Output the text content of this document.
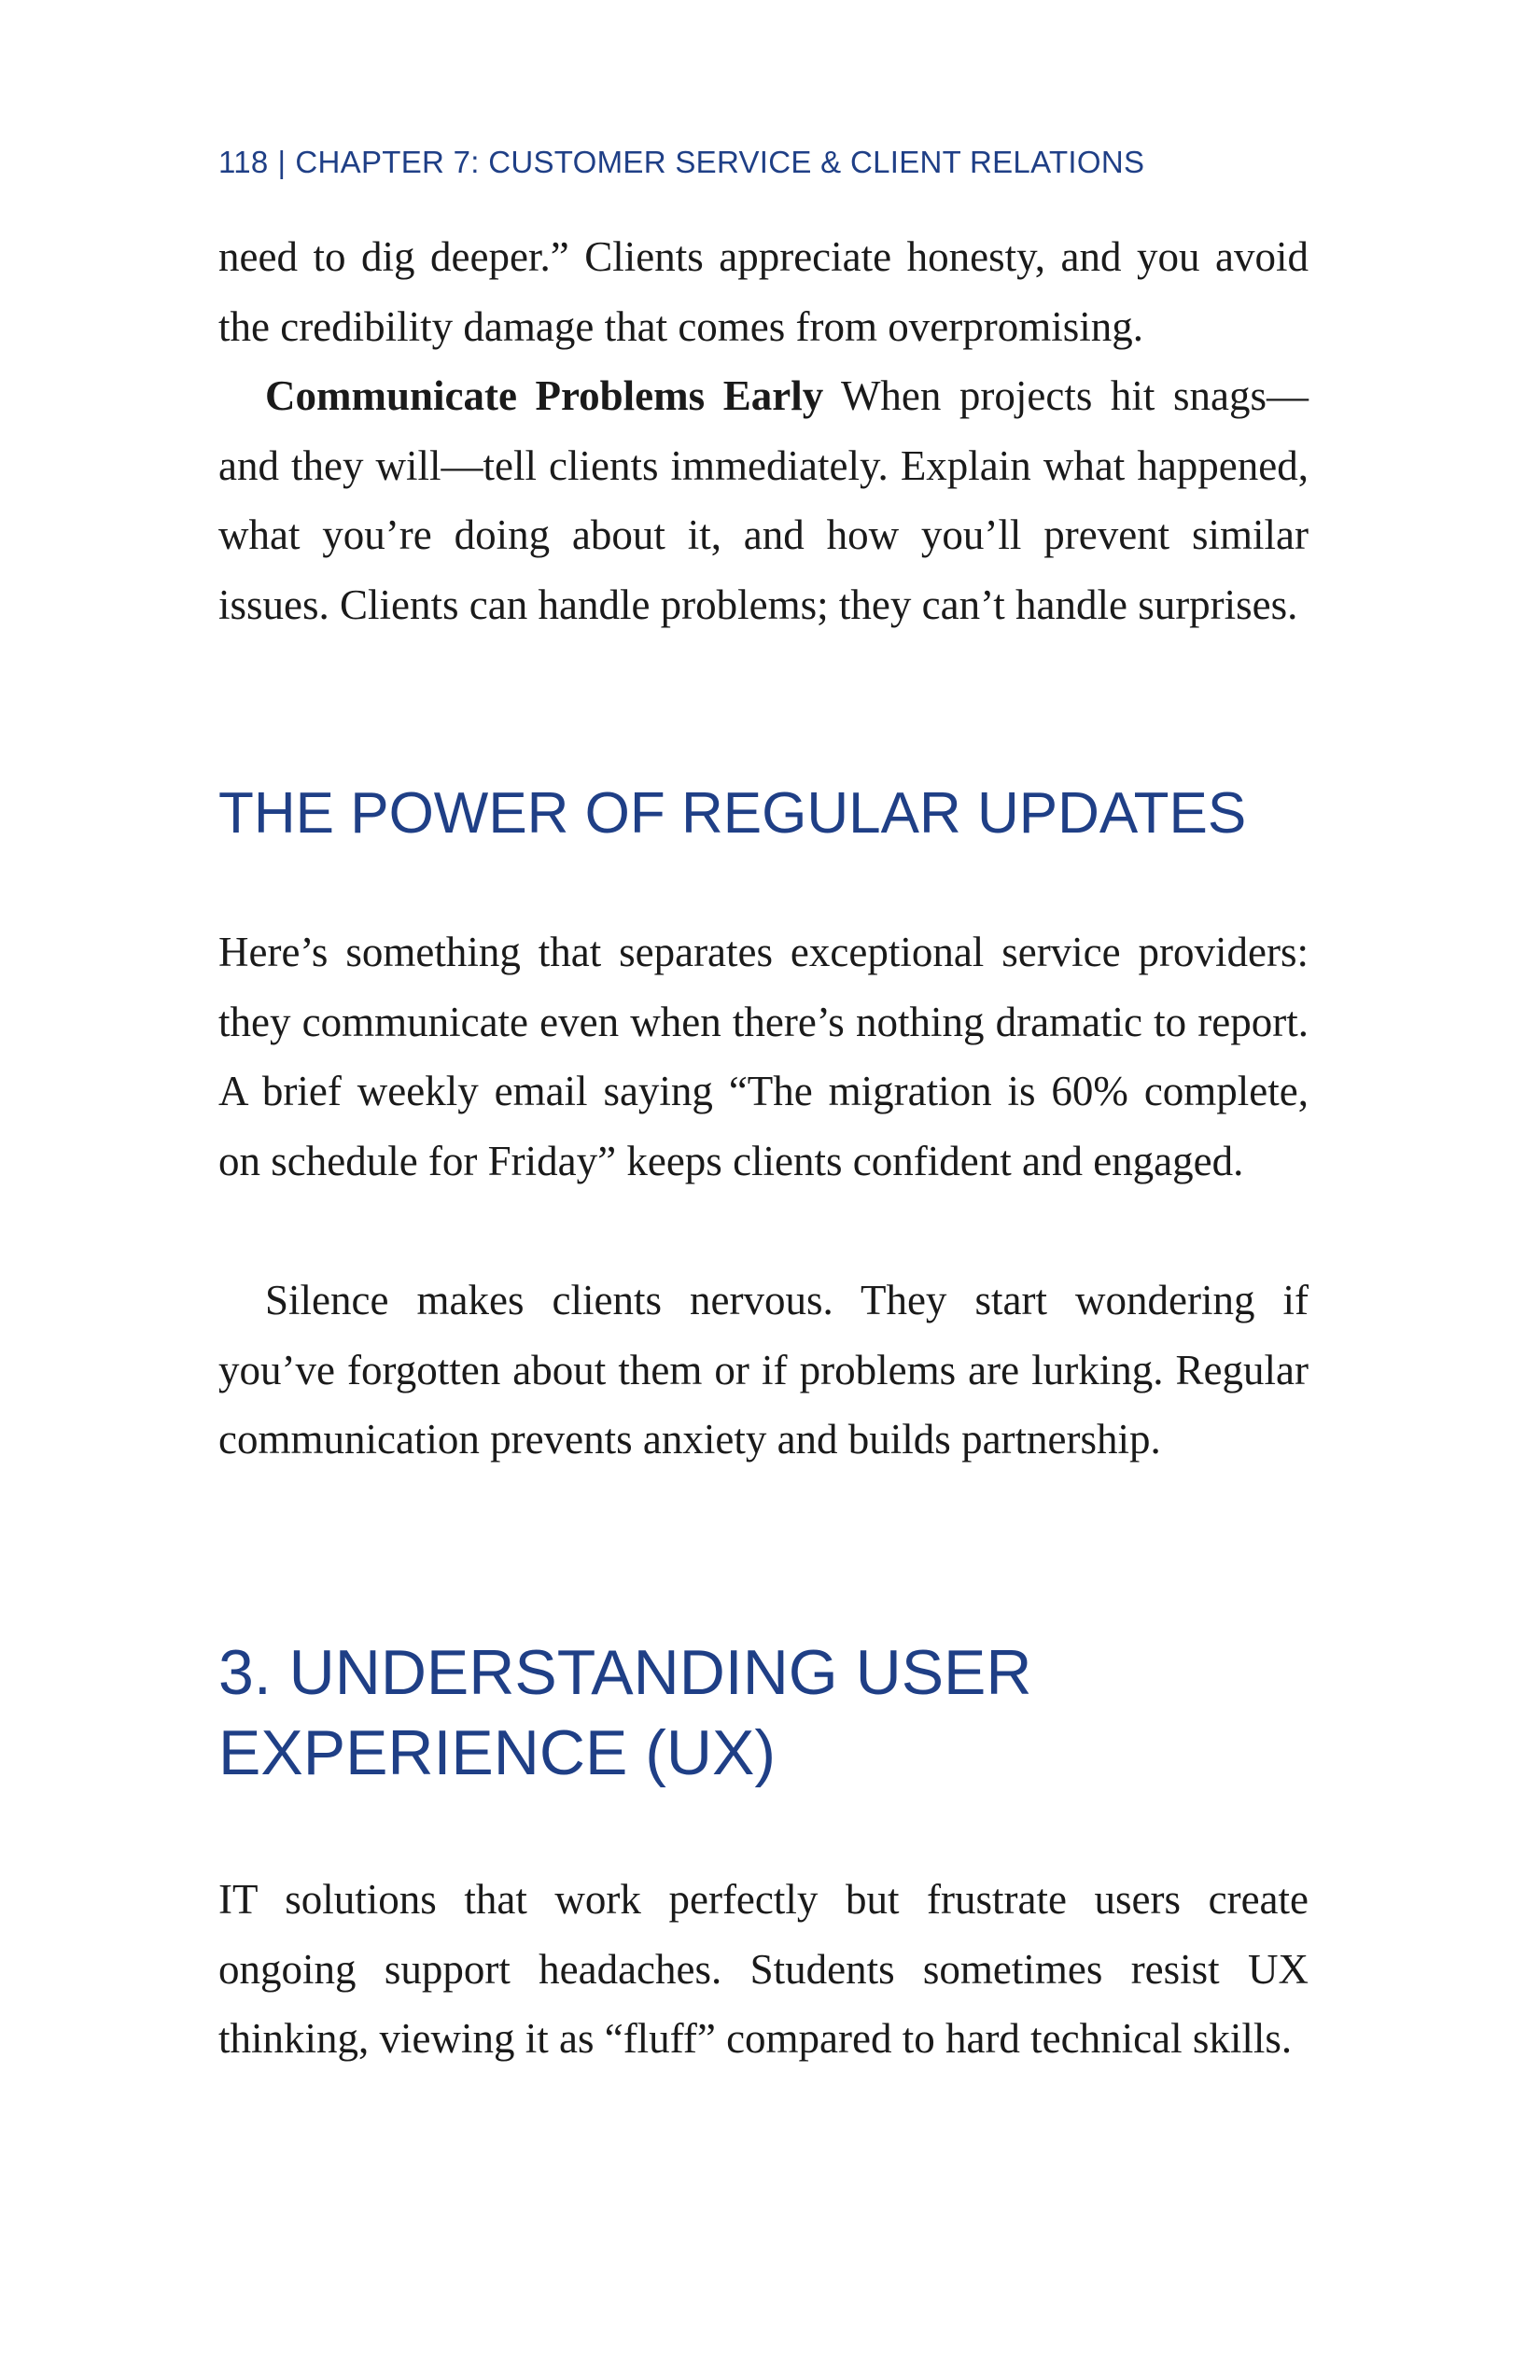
118 | CHAPTER 7: CUSTOMER SERVICE & CLIENT RELATIONS

need to dig deeper.” Clients appreciate honesty, and you avoid the credibility damage that comes from overpromising.

Communicate Problems Early When projects hit snags—and they will—tell clients immediately. Explain what happened, what you’re doing about it, and how you’ll prevent similar issues. Clients can handle problems; they can’t handle surprises.

THE POWER OF REGULAR UPDATES

Here’s something that separates exceptional service providers: they communicate even when there’s nothing dramatic to report. A brief weekly email saying “The migration is 60% complete, on schedule for Friday” keeps clients confident and engaged.

Silence makes clients nervous. They start wondering if you’ve forgotten about them or if problems are lurking. Regular communication prevents anxiety and builds partnership.

3. UNDERSTANDING USER EXPERIENCE (UX)

IT solutions that work perfectly but frustrate users create ongoing support headaches. Students sometimes resist UX thinking, viewing it as “fluff” compared to hard technical skills.
